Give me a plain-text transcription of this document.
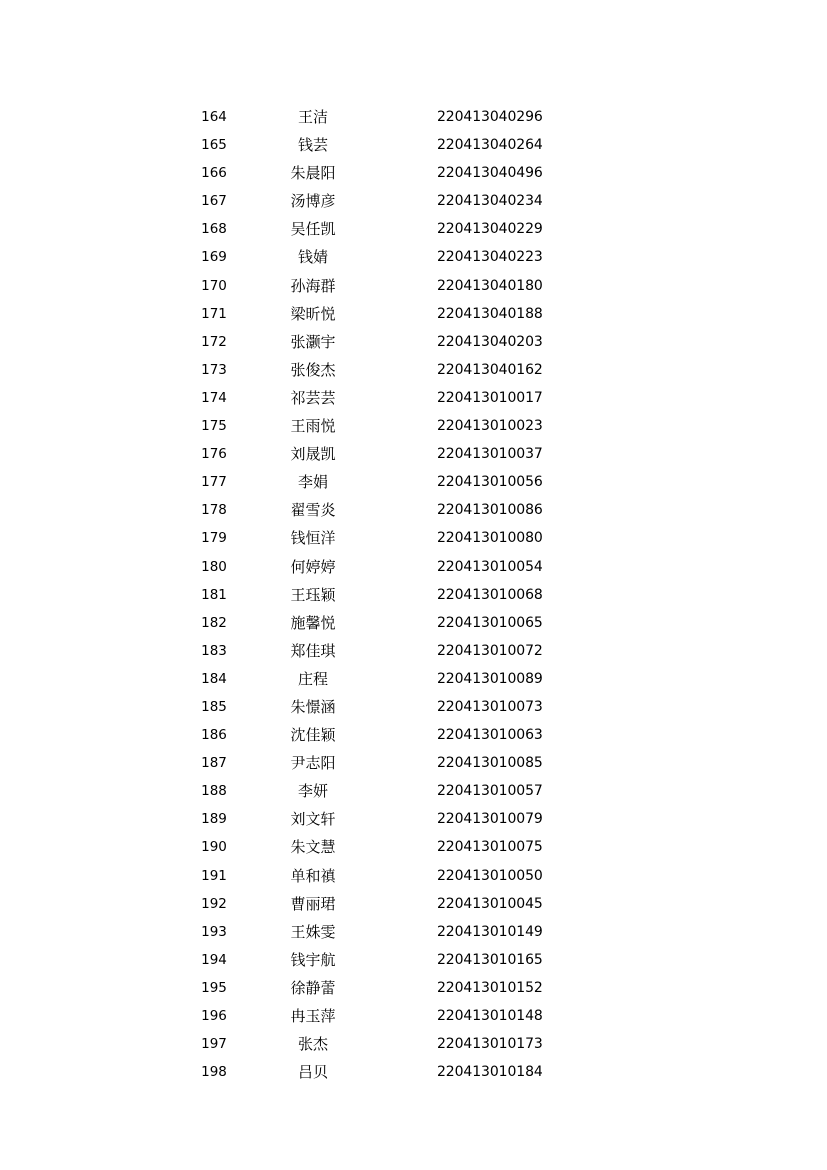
164	王洁	220413040296
165	钱芸	220413040264
166	朱晨阳	220413040496
167	汤博彦	220413040234
168	吴任凯	220413040229
169	钱婧	220413040223
170	孙海群	220413040180
171	梁昕悦	220413040188
172	张灏宇	220413040203
173	张俊杰	220413040162
174	祁芸芸	220413010017
175	王雨悦	220413010023
176	刘晟凯	220413010037
177	李娟	220413010056
178	翟雪炎	220413010086
179	钱恒洋	220413010080
180	何婷婷	220413010054
181	王珏颖	220413010068
182	施馨悦	220413010065
183	郑佳琪	220413010072
184	庄程	220413010089
185	朱憬涵	220413010073
186	沈佳颖	220413010063
187	尹志阳	220413010085
188	李妍	220413010057
189	刘文轩	220413010079
190	朱文慧	220413010075
191	单和禛	220413010050
192	曹丽珺	220413010045
193	王姝雯	220413010149
194	钱宇航	220413010165
195	徐静蕾	220413010152
196	冉玉萍	220413010148
197	张杰	220413010173
198	吕贝	220413010184
